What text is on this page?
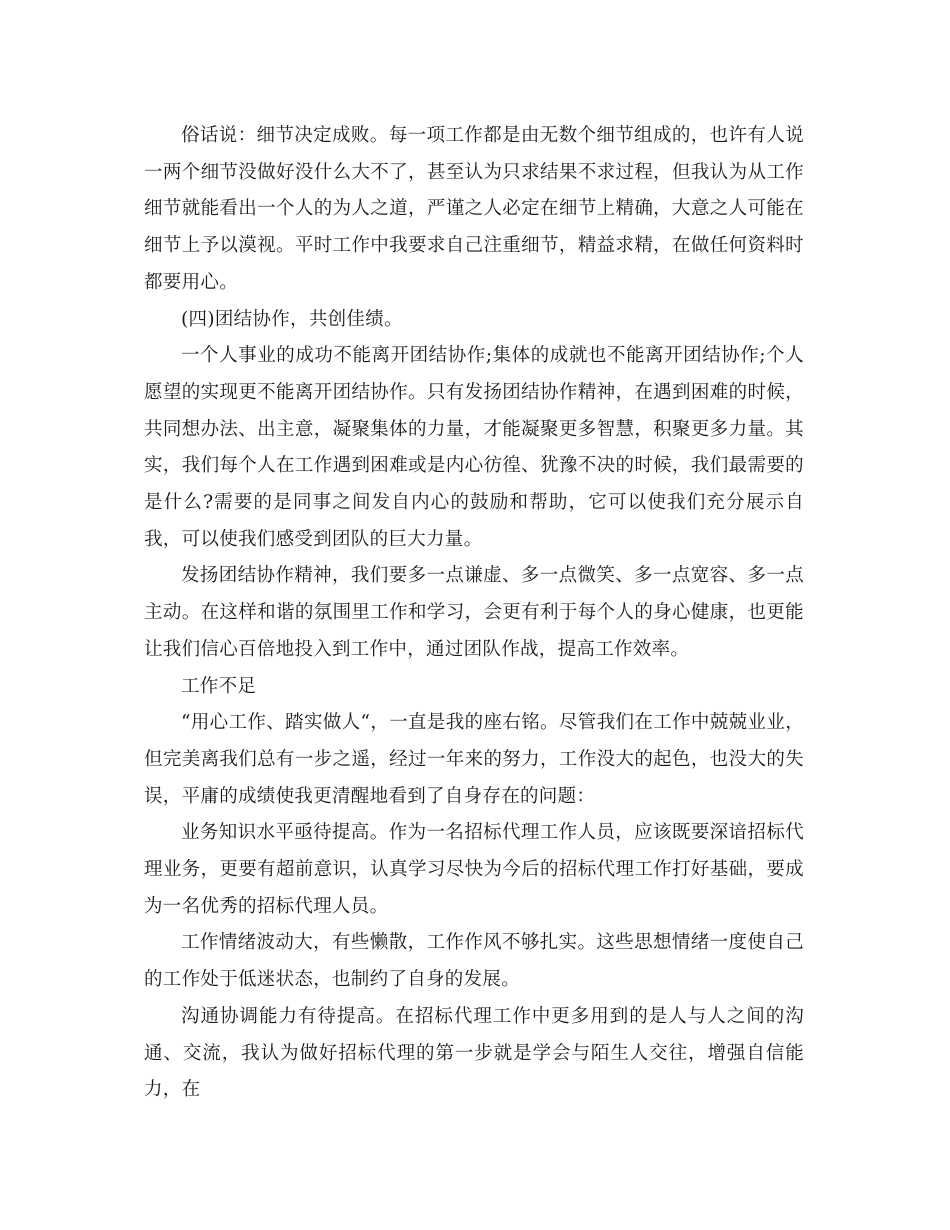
俗话说：细节决定成败。每一项工作都是由无数个细节组成的，也许有人说一两个细节没做好没什么大不了，甚至认为只求结果不求过程，但我认为从工作细节就能看出一个人的为人之道，严谨之人必定在细节上精确，大意之人可能在细节上予以漠视。平时工作中我要求自己注重细节，精益求精，在做任何资料时都要用心。

(四)团结协作，共创佳绩。

一个人事业的成功不能离开团结协作;集体的成就也不能离开团结协作;个人愿望的实现更不能离开团结协作。只有发扬团结协作精神，在遇到困难的时候，共同想办法、出主意，凝聚集体的力量，才能凝聚更多智慧，积聚更多力量。其实，我们每个人在工作遇到困难或是内心彷徨、犹豫不决的时候，我们最需要的是什么?需要的是同事之间发自内心的鼓励和帮助，它可以使我们充分展示自我，可以使我们感受到团队的巨大力量。

发扬团结协作精神，我们要多一点谦虚、多一点微笑、多一点宽容、多一点主动。在这样和谐的氛围里工作和学习，会更有利于每个人的身心健康，也更能让我们信心百倍地投入到工作中，通过团队作战，提高工作效率。

工作不足

“用心工作、踏实做人“，一直是我的座右铭。尽管我们在工作中兢兢业业，但完美离我们总有一步之遥，经过一年来的努力，工作没大的起色，也没大的失误，平庸的成绩使我更清醒地看到了自身存在的问题：

业务知识水平亟待提高。作为一名招标代理工作人员，应该既要深谙招标代理业务，更要有超前意识，认真学习尽快为今后的招标代理工作打好基础，要成为一名优秀的招标代理人员。

工作情绪波动大，有些懒散，工作作风不够扎实。这些思想情绪一度使自己的工作处于低迷状态，也制约了自身的发展。

沟通协调能力有待提高。在招标代理工作中更多用到的是人与人之间的沟通、交流，我认为做好招标代理的第一步就是学会与陌生人交往，增强自信能力，在
